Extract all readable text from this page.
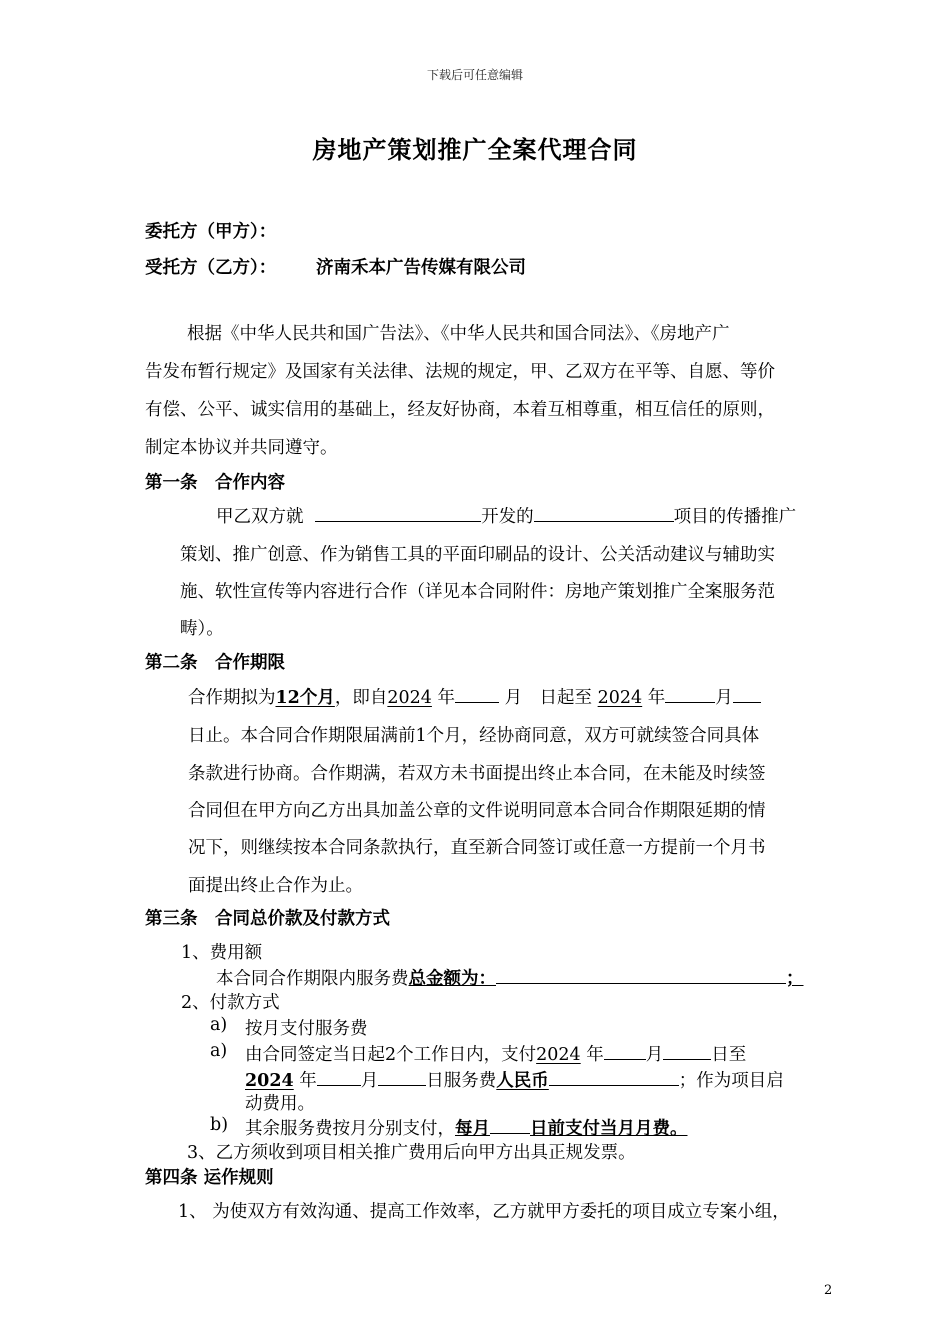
下载后可任意编辑
房地产策划推广全案代理合同
委托方（甲方）：
受托方（乙方）： 济南禾本广告传媒有限公司
根据《中华人民共和国广告法》、《中华人民共和国合同法》、《房地产广
告发布暂行规定》及国家有关法律、法规的规定，甲、乙双方在平等、自愿、等价
有偿、公平、诚实信用的基础上，经友好协商，本着互相尊重，相互信任的原则，
制定本协议并共同遵守。
第一条　合作内容
甲乙双方就	开发的	项目的传播推广
策划、推广创意、作为销售工具的平面印刷品的设计、公关活动建议与辅助实
施、软性宣传等内容进行合作（详见本合同附件：房地产策划推广全案服务范
畴）。
第二条　合作期限
合作期拟为12个月，即自2024 年	月　日起至 2024 年	月
日止。本合同合作期限届满前1个月，经协商同意，双方可就续签合同具体
条款进行协商。合作期满，若双方未书面提出终止本合同，在未能及时续签
合同但在甲方向乙方出具加盖公章的文件说明同意本合同合作期限延期的情
况下，则继续按本合同条款执行，直至新合同签订或任意一方提前一个月书
面提出终止合作为止。
第三条　合同总价款及付款方式
1、费用额
本合同合作期限内服务费总金额为：	；
2、付款方式
a) 按月支付服务费
a) 由合同签定当日起2个工作日内，支付2024 年 月	日至
2024 年	月	日服务费人民币	；作为项目启
动费用。
b) 其余服务费按月分别支付，每月 日前支付当月月费。
3、乙方须收到项目相关推广费用后向甲方出具正规发票。
第四条 运作规则
1、 为使双方有效沟通、提高工作效率，乙方就甲方委托的项目成立专案小组，
2
